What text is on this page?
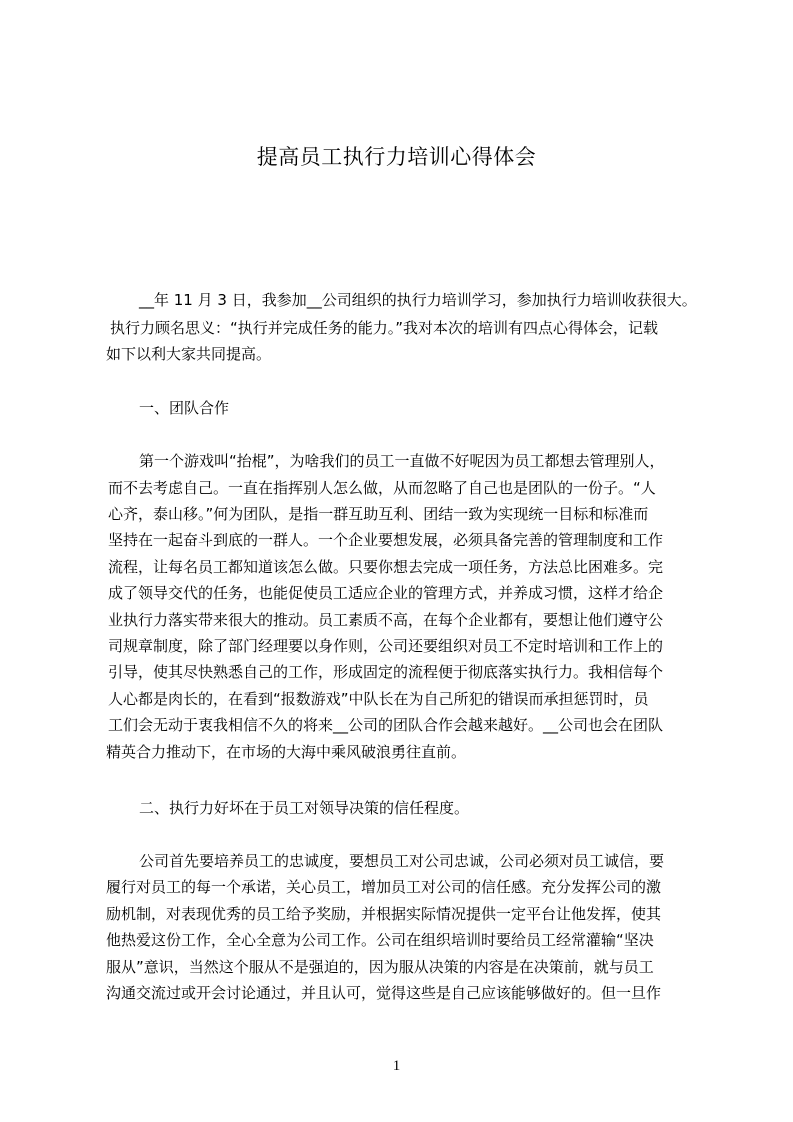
提高员工执行力培训心得体会
__年 11 月 3 日，我参加__公司组织的执行力培训学习，参加执行力培训收获很大。
执行力顾名思义：“执行并完成任务的能力。”我对本次的培训有四点心得体会，记载
如下以利大家共同提高。
一、团队合作
第一个游戏叫“抬棍”，为啥我们的员工一直做不好呢因为员工都想去管理别人，
而不去考虑自己。一直在指挥别人怎么做，从而忽略了自己也是团队的一份子。“人
心齐，泰山移。”何为团队，是指一群互助互利、团结一致为实现统一目标和标准而
坚持在一起奋斗到底的一群人。一个企业要想发展，必须具备完善的管理制度和工作
流程，让每名员工都知道该怎么做。只要你想去完成一项任务，方法总比困难多。完
成了领导交代的任务，也能促使员工适应企业的管理方式，并养成习惯，这样才给企
业执行力落实带来很大的推动。员工素质不高，在每个企业都有，要想让他们遵守公
司规章制度，除了部门经理要以身作则，公司还要组织对员工不定时培训和工作上的
引导，使其尽快熟悉自己的工作，形成固定的流程便于彻底落实执行力。我相信每个
人心都是肉长的，在看到“报数游戏”中队长在为自己所犯的错误而承担惩罚时，员
工们会无动于衷我相信不久的将来__公司的团队合作会越来越好。__公司也会在团队
精英合力推动下，在市场的大海中乘风破浪勇往直前。
二、执行力好坏在于员工对领导决策的信任程度。
公司首先要培养员工的忠诚度，要想员工对公司忠诚，公司必须对员工诚信，要
履行对员工的每一个承诺，关心员工，增加员工对公司的信任感。充分发挥公司的激
励机制，对表现优秀的员工给予奖励，并根据实际情况提供一定平台让他发挥，使其
他热爱这份工作，全心全意为公司工作。公司在组织培训时要给员工经常灌输“坚决
服从”意识，当然这个服从不是强迫的，因为服从决策的内容是在决策前，就与员工
沟通交流过或开会讨论通过，并且认可，觉得这些是自己应该能够做好的。但一旦作
1
